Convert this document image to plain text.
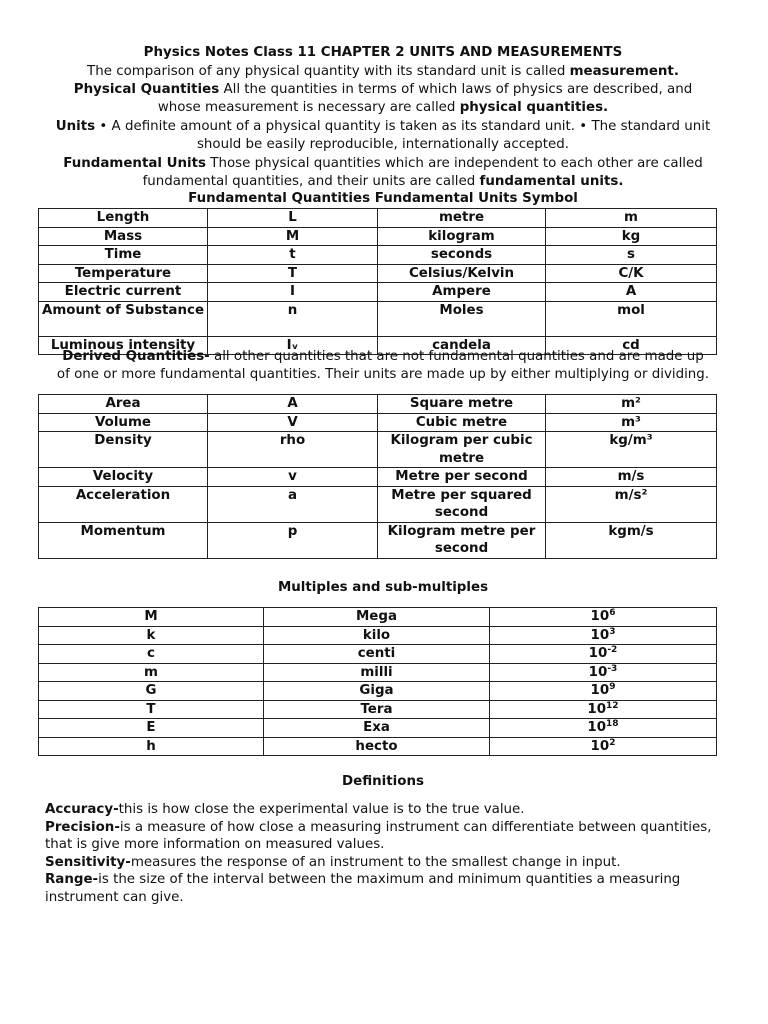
Physics Notes Class 11 CHAPTER 2 UNITS AND MEASUREMENTS
The comparison of any physical quantity with its standard unit is called measurement.
Physical Quantities All the quantities in terms of which laws of physics are described, and
whose measurement is necessary are called physical quantities.
Units • A definite amount of a physical quantity is taken as its standard unit. • The standard unit
should be easily reproducible, internationally accepted.
Fundamental Units Those physical quantities which are independent to each other are called
fundamental quantities, and their units are called fundamental units.
Fundamental Quantities Fundamental Units Symbol
Length	L	metre	m
Mass	M	kilogram	kg
Time	t	seconds	s
Temperature	T	Celsius/Kelvin	C/K
Electric current	I	Ampere	A
Amount of Substance	n	Moles	mol
Luminous intensity	Iᵥ	candela	cd
Derived Quantities- all other quantities that are not fundamental quantities and are made up
of one or more fundamental quantities. Their units are made up by either multiplying or dividing.
Area	A	Square metre	m²
Volume	V	Cubic metre	m³
Density	rho	Kilogram per cubic metre	kg/m³
Velocity	v	Metre per second	m/s
Acceleration	a	Metre per squared second	m/s²
Momentum	p	Kilogram metre per second	kgm/s
Multiples and sub-multiples
M	Mega	$10^6$
k	kilo	$10^3$
c	centi	$10^{-2}$
m	milli	$10^{-3}$
G	Giga	$10^9$
T	Tera	$10^{12}$
E	Exa	$10^{18}$
h	hecto	$10^2$
Definitions

Accuracy-this is how close the experimental value is to the true value.

Precision-is a measure of how close a measuring instrument can differentiate between quantities, that is give more information on measured values.

Sensitivity-measures the response of an instrument to the smallest change in input.

Range-is the size of the interval between the maximum and minimum quantities a measuring instrument can give.
